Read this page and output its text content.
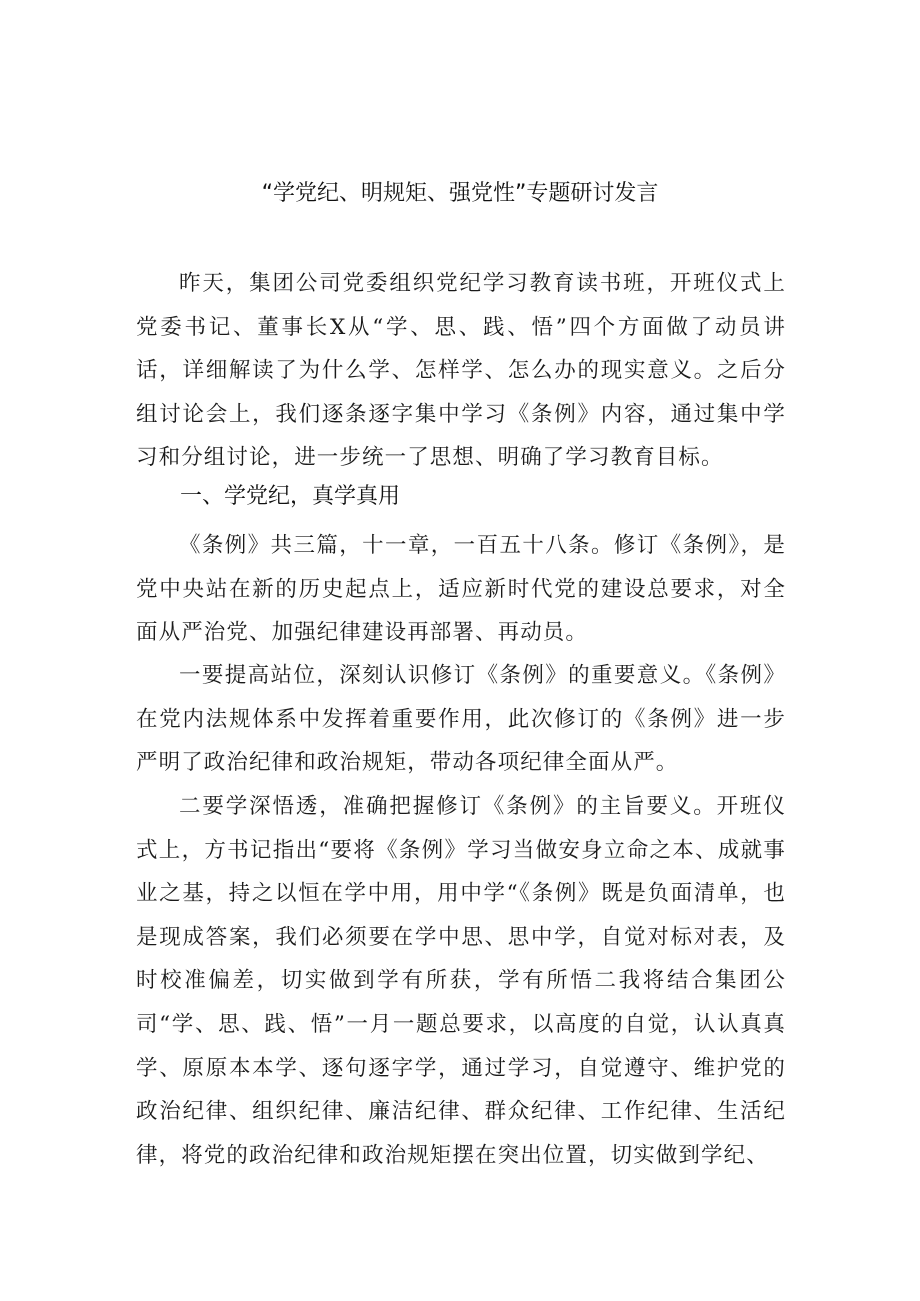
“学党纪、明规矩、强党性”专题研讨发言

昨天，集团公司党委组织党纪学习教育读书班，开班仪式上党委书记、董事长X从“学、思、践、悟”四个方面做了动员讲话，详细解读了为什么学、怎样学、怎么办的现实意义。之后分组讨论会上，我们逐条逐字集中学习《条例》内容，通过集中学习和分组讨论，进一步统一了思想、明确了学习教育目标。

一、学党纪，真学真用

《条例》共三篇，十一章，一百五十八条。修订《条例》，是党中央站在新的历史起点上，适应新时代党的建设总要求，对全面从严治党、加强纪律建设再部署、再动员。

一要提高站位，深刻认识修订《条例》的重要意义。《条例》在党内法规体系中发挥着重要作用，此次修订的《条例》进一步严明了政治纪律和政治规矩，带动各项纪律全面从严。

二要学深悟透，准确把握修订《条例》的主旨要义。开班仪式上，方书记指出“要将《条例》学习当做安身立命之本、成就事业之基，持之以恒在学中用，用中学“《条例》既是负面清单，也是现成答案，我们必须要在学中思、思中学，自觉对标对表，及时校准偏差，切实做到学有所获，学有所悟二我将结合集团公司“学、思、践、悟”一月一题总要求，以高度的自觉，认认真真学、原原本本学、逐句逐字学，通过学习，自觉遵守、维护党的政治纪律、组织纪律、廉洁纪律、群众纪律、工作纪律、生活纪律，将党的政治纪律和政治规矩摆在突出位置，切实做到学纪、
